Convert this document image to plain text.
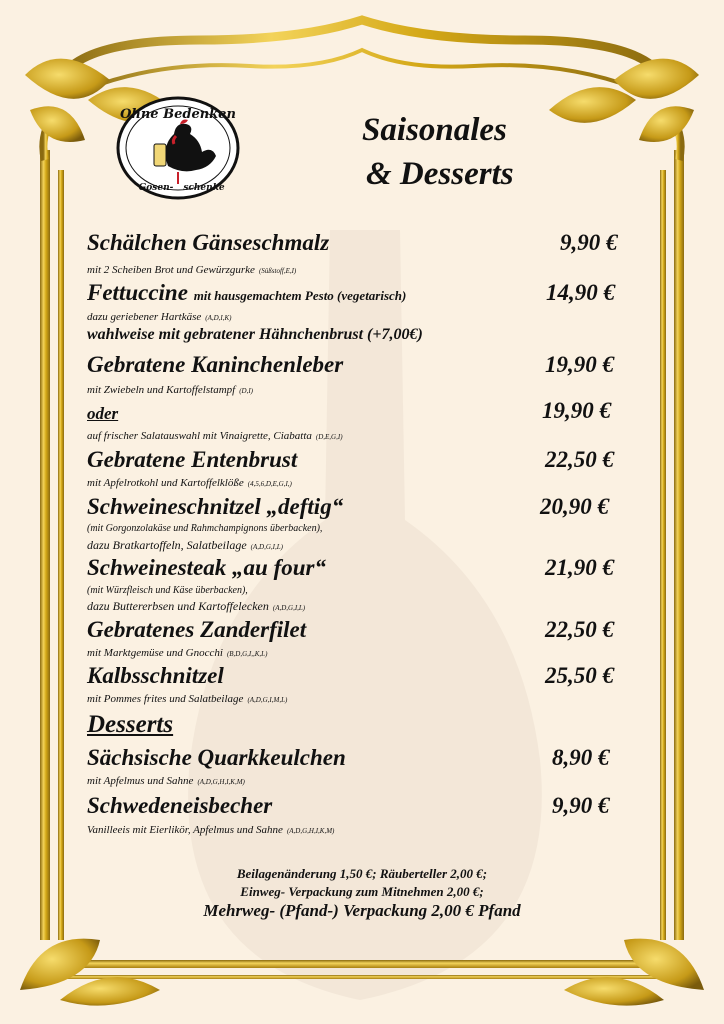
Ohne Bedenken
Gosen- schenke
Saisonales
& Desserts
Schälchen Gänseschmalz	9,90 €
mit 2 Scheiben Brot und Gewürzgurke (Süßstoff,E,I)
Fettuccine mit hausgemachtem Pesto (vegetarisch)	14,90 €
dazu geriebener Hartkäse (A,D,I,K)
wahlweise mit gebratener Hähnchenbrust (+7,00€)
Gebratene Kaninchenleber	19,90 €
mit Zwiebeln und Kartoffelstampf (D,I)
oder	19,90 €
auf frischer Salatauswahl mit Vinaigrette, Ciabatta (D,E,G,I)
Gebratene Entenbrust	22,50 €
mit Apfelrotkohl und Kartoffelklöße (4,5,6,D,E,G,I,)
Schweineschnitzel „deftig“	20,90 €
(mit Gorgonzolakäse und Rahmchampignons überbacken),
dazu Bratkartoffeln, Salatbeilage (A,D,G,I,L)
Schweinesteak „au four“	21,90 €
(mit Würzfleisch und Käse überbacken),
dazu Buttererbsen und Kartoffelecken (A,D,G,I,L)
Gebratenes Zanderfilet	22,50 €
mit Marktgemüse und Gnocchi (B,D,G,I,,K,L)
Kalbsschnitzel	25,50 €
mit Pommes frites und Salatbeilage (A,D,G,I,M,L)
Desserts
Sächsische Quarkkeulchen	8,90 €
mit Apfelmus und Sahne (A,D,G,H,I,K,M)
Schwedeneisbecher	9,90 €
Vanilleeis mit Eierlikör, Apfelmus und Sahne (A,D,G,H,I,K,M)
Beilagenänderung 1,50 €; Räuberteller 2,00 €;
Einweg- Verpackung zum Mitnehmen 2,00 €;
Mehrweg- (Pfand-) Verpackung 2,00 € Pfand
